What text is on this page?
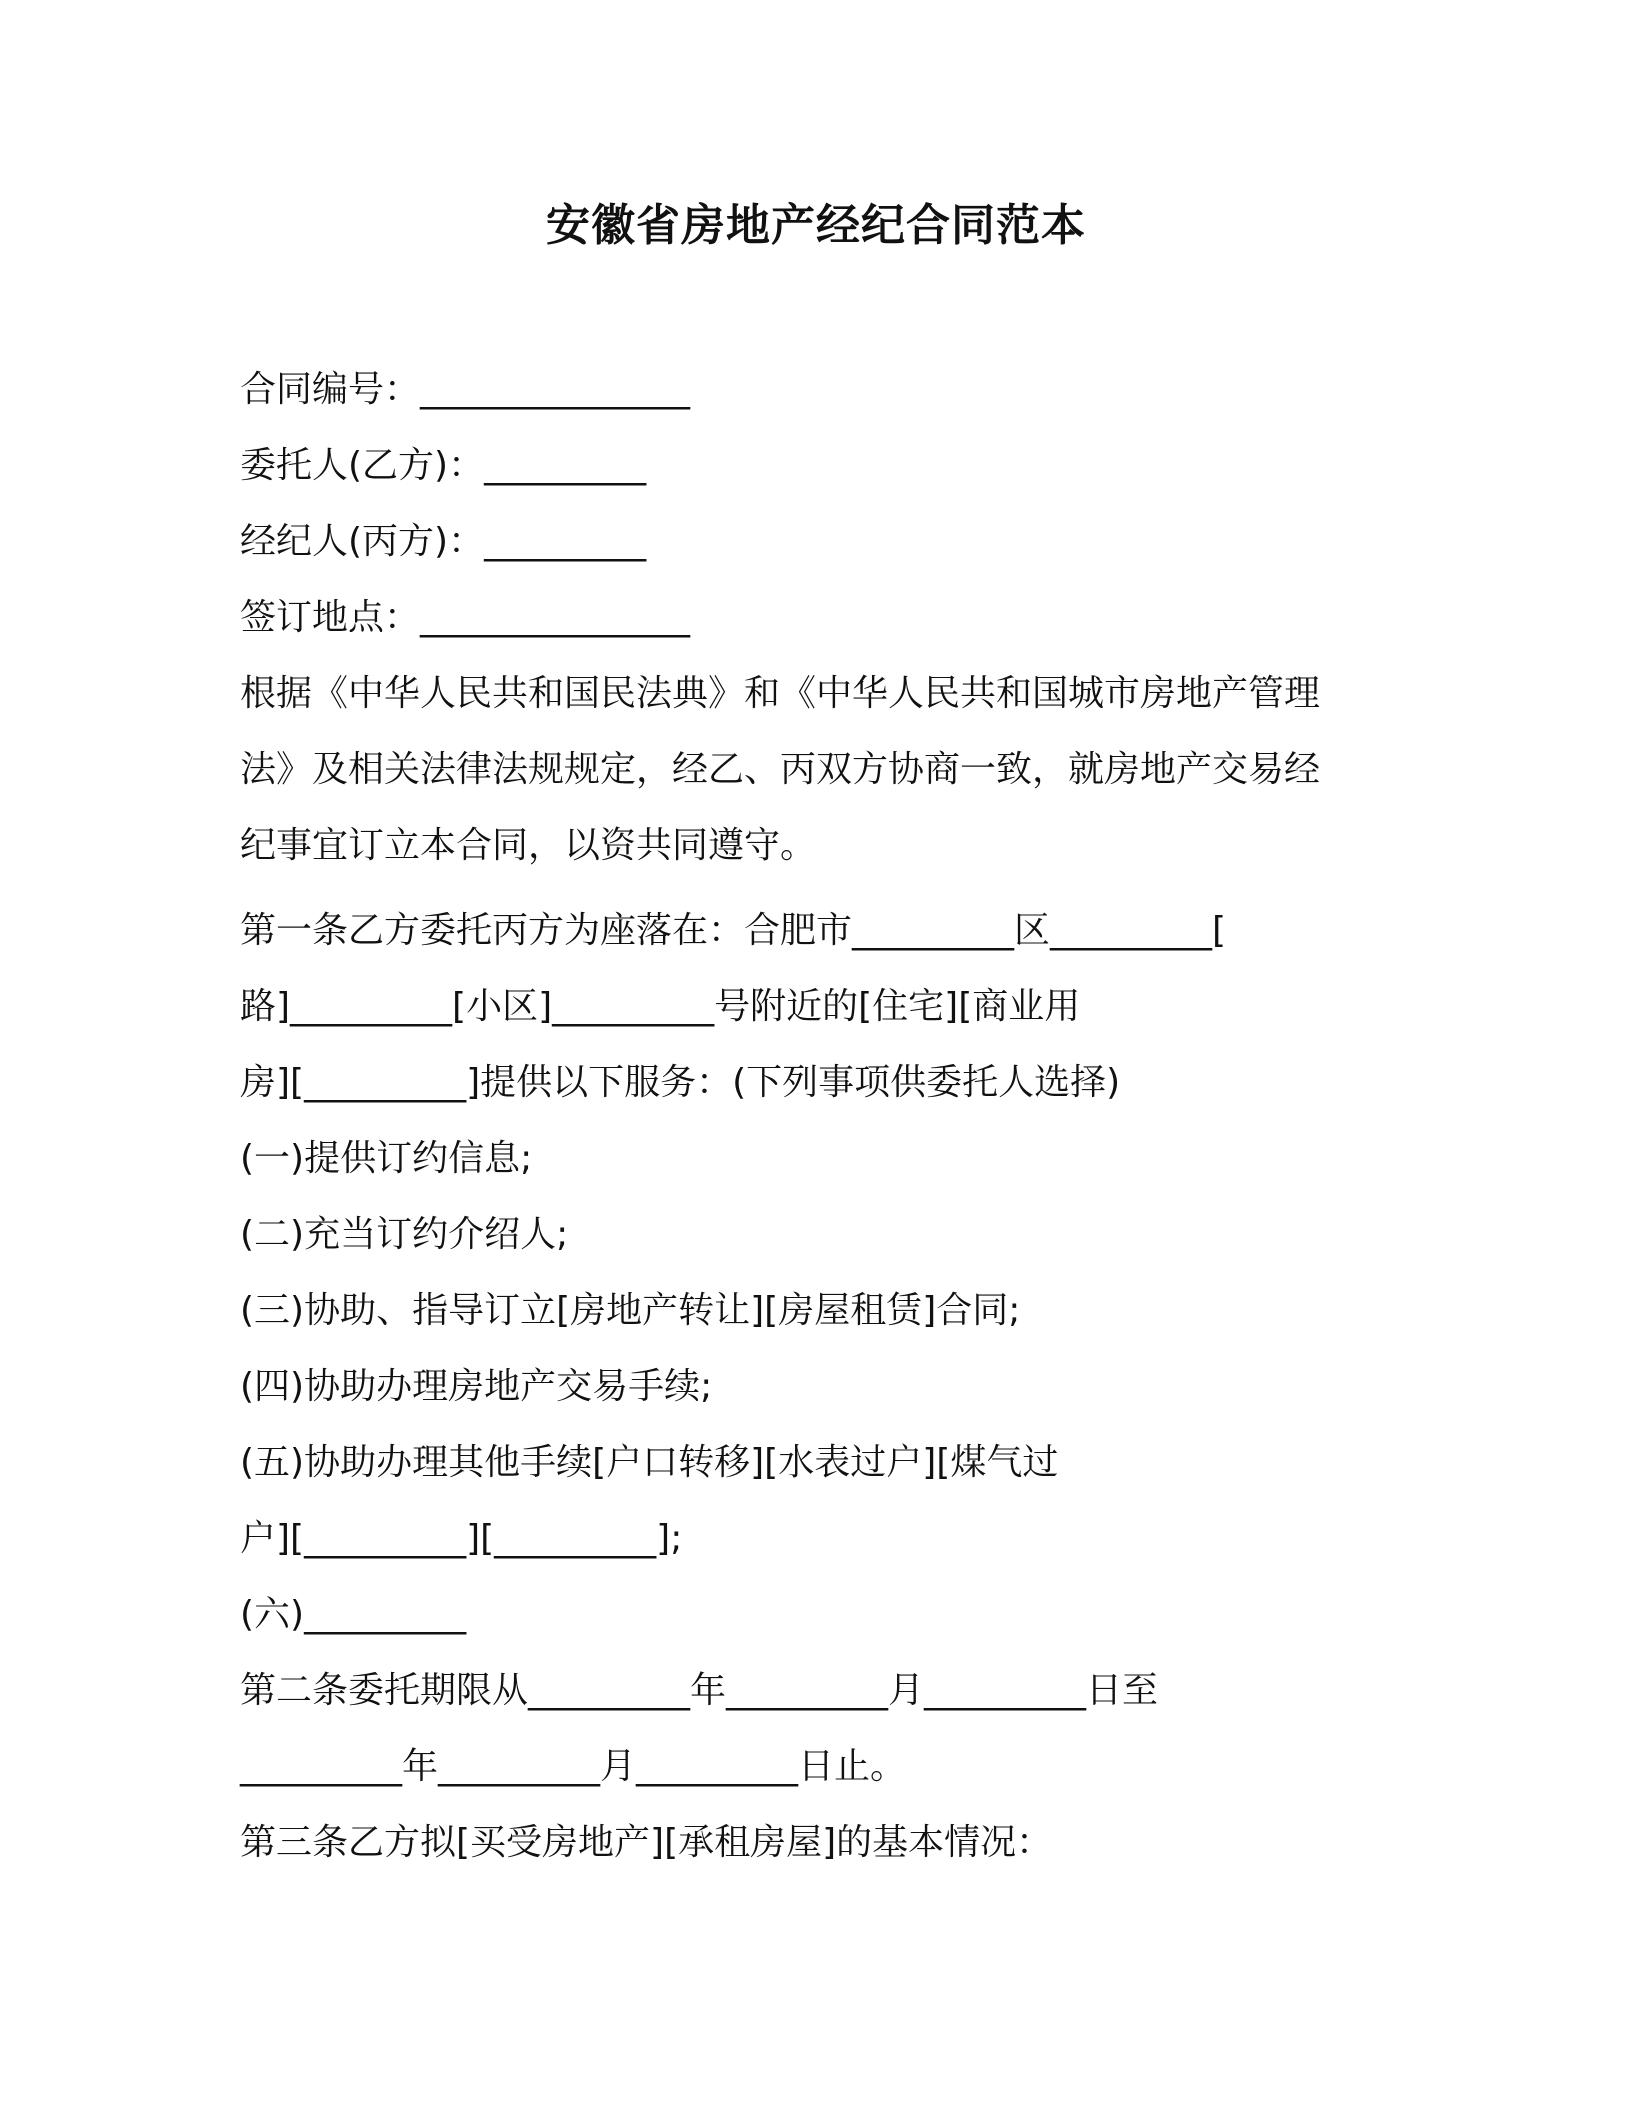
安徽省房地产经纪合同范本
合同编号：_______________
委托人(乙方)：_________
经纪人(丙方)：_________
签订地点：_______________
根据《中华人民共和国民法典》和《中华人民共和国城市房地产管理
法》及相关法律法规规定，经乙、丙双方协商一致，就房地产交易经
纪事宜订立本合同，以资共同遵守。
第一条乙方委托丙方为座落在：合肥市_________区_________[
路]_________[小区]_________号附近的[住宅][商业用
房][_________]提供以下服务：(下列事项供委托人选择)
(一)提供订约信息;
(二)充当订约介绍人;
(三)协助、指导订立[房地产转让][房屋租赁]合同;
(四)协助办理房地产交易手续;
(五)协助办理其他手续[户口转移][水表过户][煤气过
户][_________][_________];
(六)_________
第二条委托期限从_________年_________月_________日至
_________年_________月_________日止。
第三条乙方拟[买受房地产][承租房屋]的基本情况：
